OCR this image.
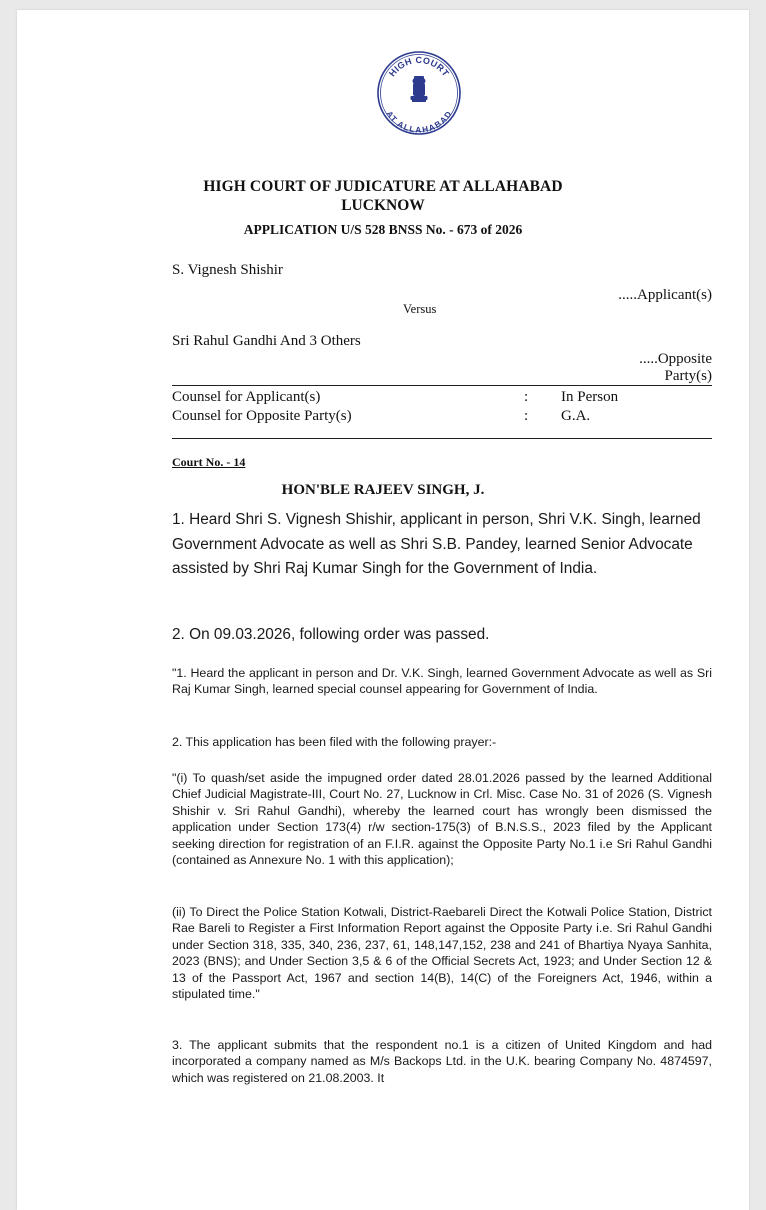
HIGH COURT
AT ALLAHABAD
HIGH COURT OF JUDICATURE AT ALLAHABAD
LUCKNOW
APPLICATION U/S 528 BNSS No. - 673 of 2026
S. Vignesh Shishir
.....Applicant(s)
Versus
Sri Rahul Gandhi And 3 Others
.....Opposite
Party(s)
Counsel for Applicant(s)	: In Person
Counsel for Opposite Party(s)	: G.A.
Court No. - 14
HON'BLE RAJEEV SINGH, J.
1. Heard Shri S. Vignesh Shishir, applicant in person, Shri V.K. Singh, learned Government Advocate as well as Shri S.B. Pandey, learned Senior Advocate assisted by Shri Raj Kumar Singh for the Government of India.
2. On 09.03.2026, following order was passed.
"1. Heard the applicant in person and Dr. V.K. Singh, learned Government Advocate as well as Sri Raj Kumar Singh, learned special counsel appearing for Government of India.
2. This application has been filed with the following prayer:-
"(i) To quash/set aside the impugned order dated 28.01.2026 passed by the learned Additional Chief Judicial Magistrate-III, Court No. 27, Lucknow in Crl. Misc. Case No. 31 of 2026 (S. Vignesh Shishir v. Sri Rahul Gandhi), whereby the learned court has wrongly been dismissed the application under Section 173(4) r/w section-175(3) of B.N.S.S., 2023 filed by the Applicant seeking direction for registration of an F.I.R. against the Opposite Party No.1 i.e Sri Rahul Gandhi (contained as Annexure No. 1 with this application);
(ii) To Direct the Police Station Kotwali, District-Raebareli Direct the Kotwali Police Station, District Rae Bareli to Register a First Information Report against the Opposite Party i.e. Sri Rahul Gandhi under Section 318, 335, 340, 236, 237, 61, 148,147,152, 238 and 241 of Bhartiya Nyaya Sanhita, 2023 (BNS); and Under Section 3,5 & 6 of the Official Secrets Act, 1923; and Under Section 12 & 13 of the Passport Act, 1967 and section 14(B), 14(C) of the Foreigners Act, 1946, within a stipulated time."
3. The applicant submits that the respondent no.1 is a citizen of United Kingdom and had incorporated a company named as M/s Backops Ltd. in the U.K. bearing Company No. 4874597, which was registered on 21.08.2003. It
